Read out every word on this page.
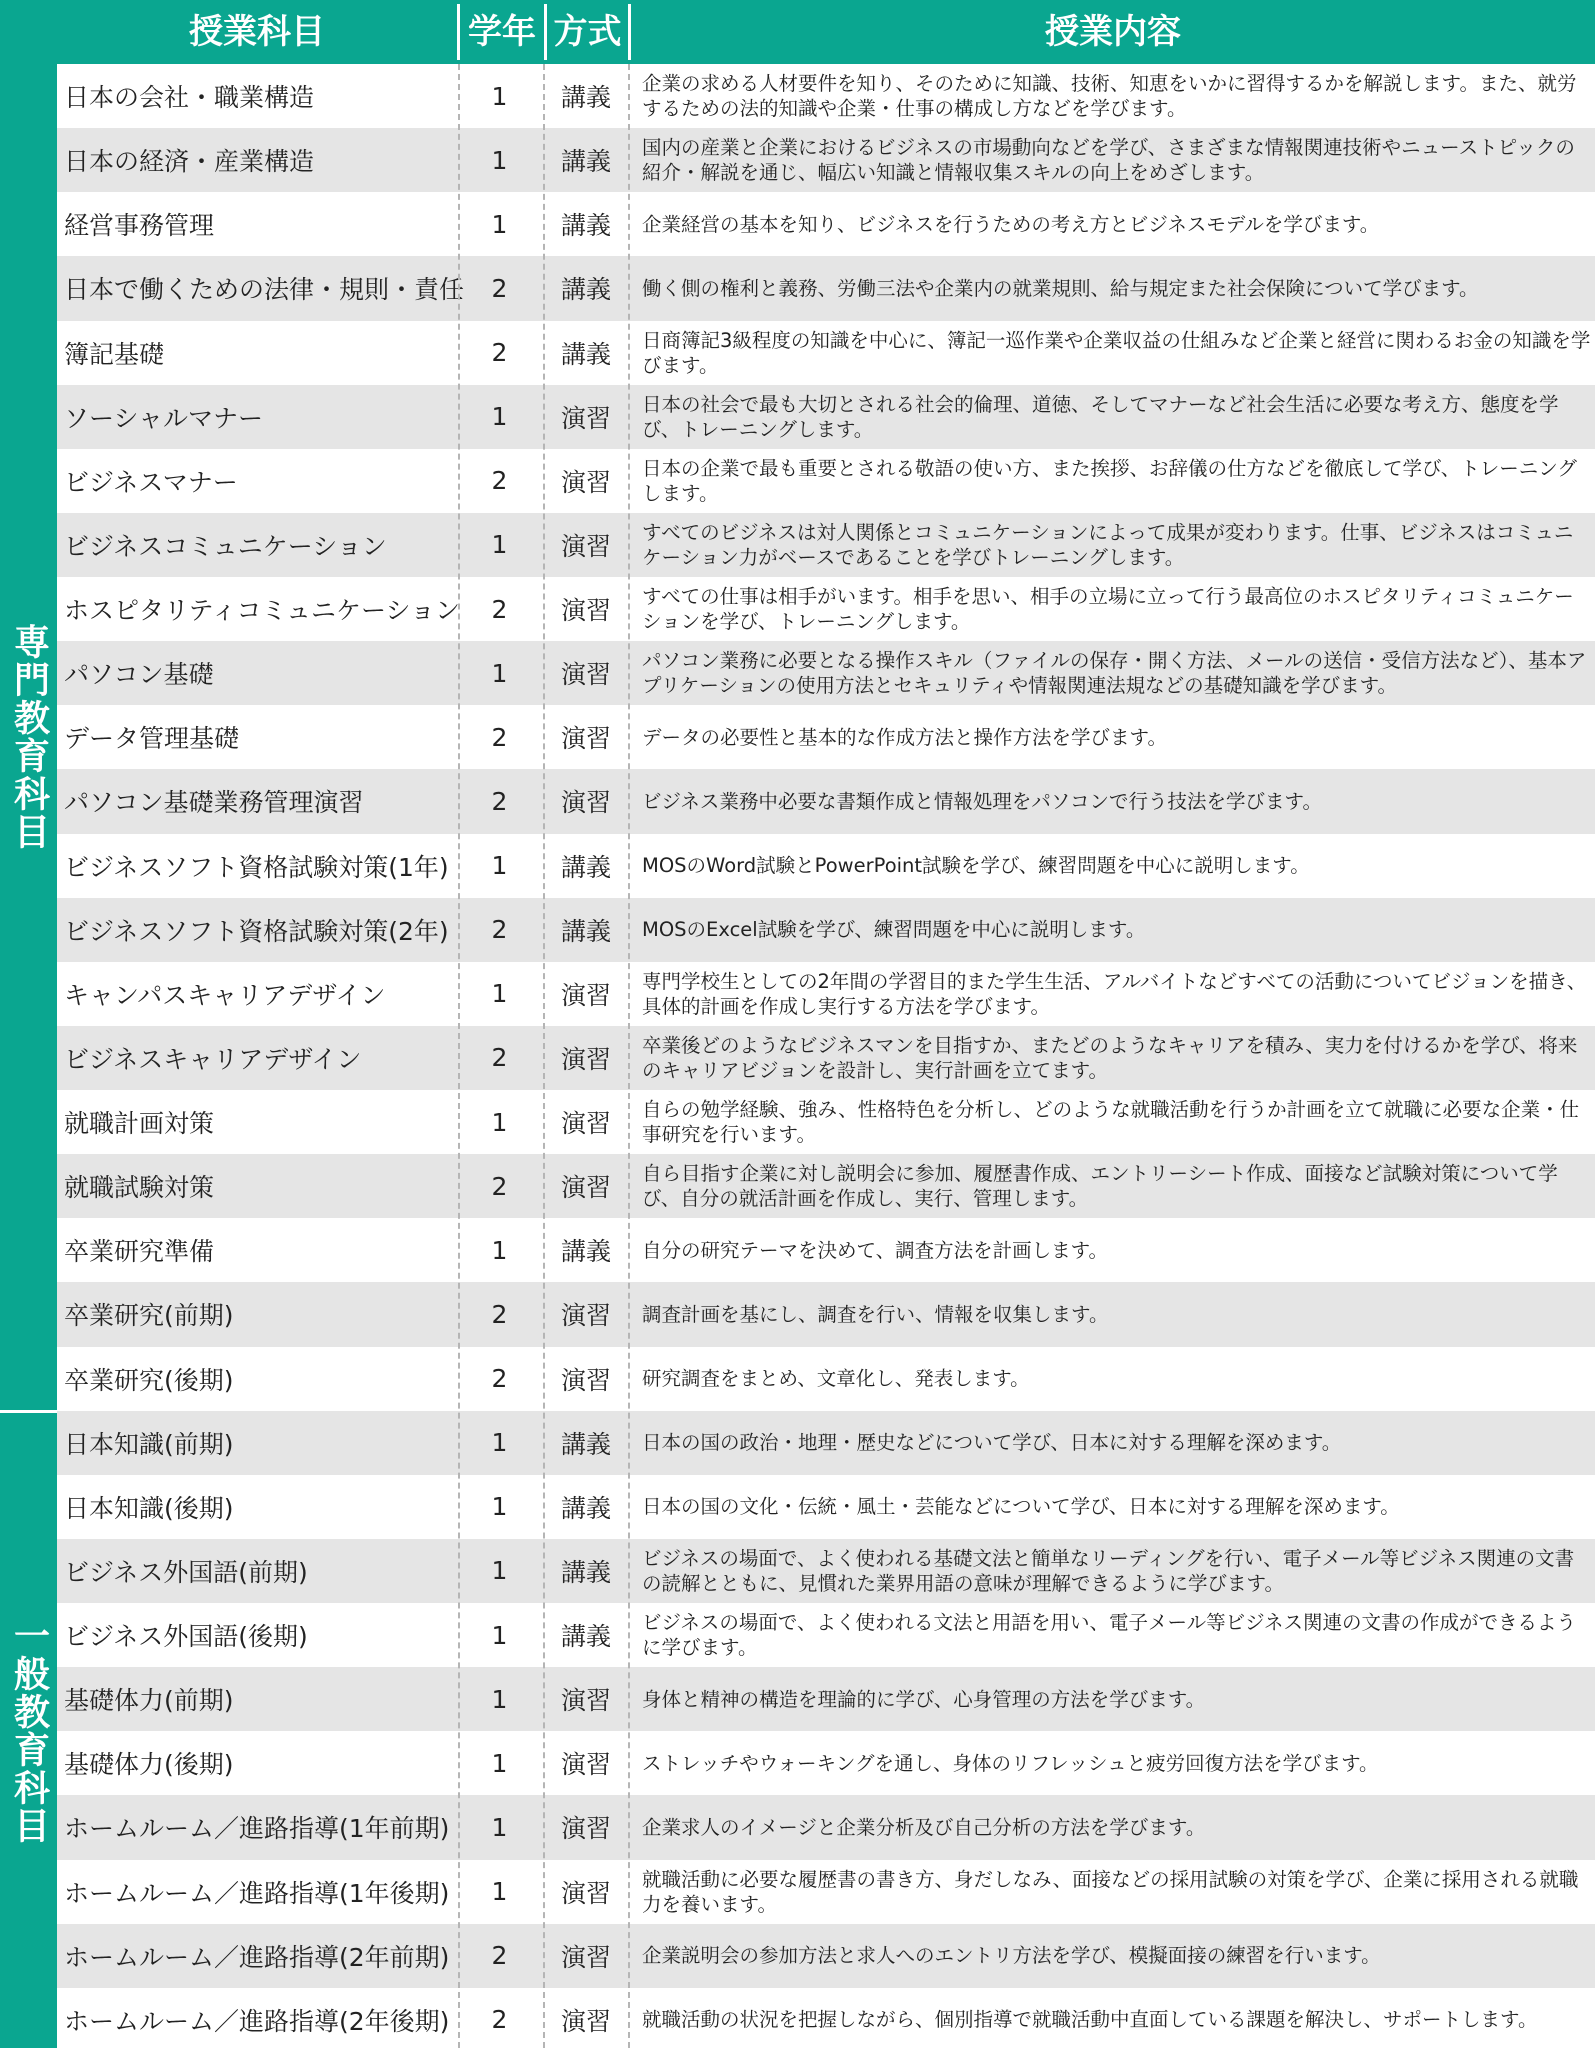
授業科目	学年 方式	授業内容
専門教育科目
一般教育科目
日本の会社・職業構造	1 講義 企業の求める人材要件を知り、そのために知識、技術、知恵をいかに習得するかを解説します。また、就労するための法的知識や企業・仕事の構成し方などを学びます。
日本の経済・産業構造	1 講義 国内の産業と企業におけるビジネスの市場動向などを学び、さまざまな情報関連技術やニューストピックの紹介・解説を通じ、幅広い知識と情報収集スキルの向上をめざします。
経営事務管理	1 講義 企業経営の基本を知り、ビジネスを行うための考え方とビジネスモデルを学びます。
日本で働くための法律・規則・責任 2 講義 働く側の権利と義務、労働三法や企業内の就業規則、給与規定また社会保険について学びます。
簿記基礎	2 講義 日商簿記3級程度の知識を中心に、簿記一巡作業や企業収益の仕組みなど企業と経営に関わるお金の知識を学びます。
ソーシャルマナー	1 演習 日本の社会で最も大切とされる社会的倫理、道徳、そしてマナーなど社会生活に必要な考え方、態度を学び、トレーニングします。
ビジネスマナー	2 演習 日本の企業で最も重要とされる敬語の使い方、また挨拶、お辞儀の仕方などを徹底して学び、トレーニングします。
ビジネスコミュニケーション	1 演習 すべてのビジネスは対人関係とコミュニケーションによって成果が変わります。仕事、ビジネスはコミュニケーション力がベースであることを学びトレーニングします。
ホスピタリティコミュニケーション 2 演習 すべての仕事は相手がいます。相手を思い、相手の立場に立って行う最高位のホスピタリティコミュニケーションを学び、トレーニングします。
パソコン基礎	1 演習 パソコン業務に必要となる操作スキル（ファイルの保存・開く方法、メールの送信・受信方法など）、基本アプリケーションの使用方法とセキュリティや情報関連法規などの基礎知識を学びます。
データ管理基礎	2 演習 データの必要性と基本的な作成方法と操作方法を学びます。
パソコン基礎業務管理演習	2 演習 ビジネス業務中必要な書類作成と情報処理をパソコンで行う技法を学びます。
ビジネスソフト資格試験対策(1年) 1 講義 MOSのWord試験とPowerPoint試験を学び、練習問題を中心に説明します。
ビジネスソフト資格試験対策(2年) 2 講義 MOSのExcel試験を学び、練習問題を中心に説明します。
キャンパスキャリアデザイン	1 演習 専門学校生としての2年間の学習目的また学生生活、アルバイトなどすべての活動についてビジョンを描き、具体的計画を作成し実行する方法を学びます。
ビジネスキャリアデザイン	2 演習 卒業後どのようなビジネスマンを目指すか、またどのようなキャリアを積み、実力を付けるかを学び、将来のキャリアビジョンを設計し、実行計画を立てます。
就職計画対策	1 演習 自らの勉学経験、強み、性格特色を分析し、どのような就職活動を行うか計画を立て就職に必要な企業・仕事研究を行います。
就職試験対策	2 演習 自ら目指す企業に対し説明会に参加、履歴書作成、エントリーシート作成、面接など試験対策について学び、自分の就活計画を作成し、実行、管理します。
卒業研究準備	1 講義 自分の研究テーマを決めて、調査方法を計画します。
卒業研究(前期)	2 演習 調査計画を基にし、調査を行い、情報を収集します。
卒業研究(後期)	2 演習 研究調査をまとめ、文章化し、発表します。
日本知識(前期)	1 講義 日本の国の政治・地理・歴史などについて学び、日本に対する理解を深めます。
日本知識(後期)	1 講義 日本の国の文化・伝統・風土・芸能などについて学び、日本に対する理解を深めます。
ビジネス外国語(前期)	1 講義 ビジネスの場面で、よく使われる基礎文法と簡単なリーディングを行い、電子メール等ビジネス関連の文書の読解とともに、見慣れた業界用語の意味が理解できるように学びます。
ビジネス外国語(後期)	1 講義 ビジネスの場面で、よく使われる文法と用語を用い、電子メール等ビジネス関連の文書の作成ができるように学びます。
基礎体力(前期)	1 演習 身体と精神の構造を理論的に学び、心身管理の方法を学びます。
基礎体力(後期)	1 演習 ストレッチやウォーキングを通し、身体のリフレッシュと疲労回復方法を学びます。
ホームルーム／進路指導(1年前期) 1 演習 企業求人のイメージと企業分析及び自己分析の方法を学びます。
ホームルーム／進路指導(1年後期) 1 演習 就職活動に必要な履歴書の書き方、身だしなみ、面接などの採用試験の対策を学び、企業に採用される就職力を養います。
ホームルーム／進路指導(2年前期) 2 演習 企業説明会の参加方法と求人へのエントリ方法を学び、模擬面接の練習を行います。
ホームルーム／進路指導(2年後期) 2 演習 就職活動の状況を把握しながら、個別指導で就職活動中直面している課題を解決し、サポートします。
